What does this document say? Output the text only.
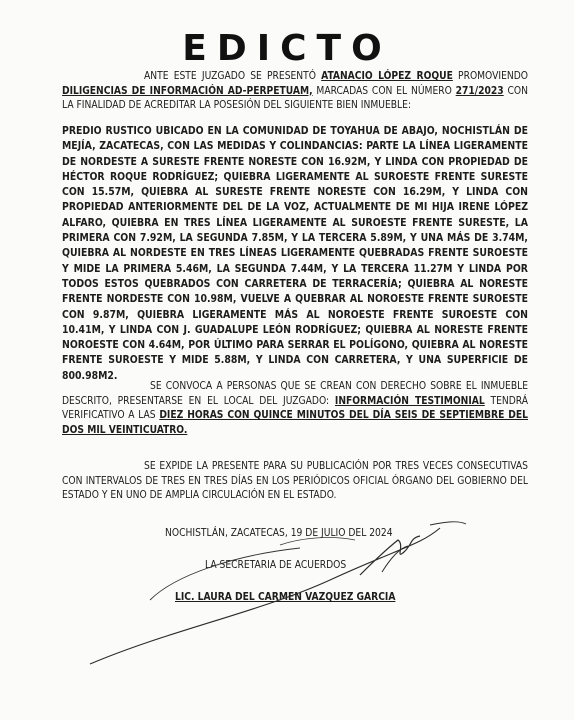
EDICTO
ANTE ESTE JUZGADO SE PRESENTÓ ATANACIO LÓPEZ ROQUE PROMOVIENDO DILIGENCIAS DE INFORMACIÓN AD-PERPETUAM, MARCADAS CON EL NÚMERO 271/2023 CON LA FINALIDAD DE ACREDITAR LA POSESIÓN DEL SIGUIENTE BIEN INMUEBLE:
PREDIO RUSTICO UBICADO EN LA COMUNIDAD DE TOYAHUA DE ABAJO, NOCHISTLÁN DE MEJÍA, ZACATECAS, CON LAS MEDIDAS Y COLINDANCIAS: PARTE LA LÍNEA LIGERAMENTE DE NORDESTE A SURESTE FRENTE NORESTE CON 16.92M, Y LINDA CON PROPIEDAD DE HÉCTOR ROQUE RODRÍGUEZ; QUIEBRA LIGERAMENTE AL SUROESTE FRENTE SURESTE CON 15.57M, QUIEBRA AL SURESTE FRENTE NORESTE CON 16.29M, Y LINDA CON PROPIEDAD ANTERIORMENTE DEL DE LA VOZ, ACTUALMENTE DE MI HIJA IRENE LÓPEZ ALFARO, QUIEBRA EN TRES LÍNEA LIGERAMENTE AL SUROESTE FRENTE SURESTE, LA PRIMERA CON 7.92M, LA SEGUNDA 7.85M, Y LA TERCERA 5.89M, Y UNA MÁS DE 3.74M, QUIEBRA AL NORDESTE EN TRES LÍNEAS LIGERAMENTE QUEBRADAS FRENTE SUROESTE Y MIDE LA PRIMERA 5.46M, LA SEGUNDA 7.44M, Y LA TERCERA 11.27M Y LINDA POR TODOS ESTOS QUEBRADOS CON CARRETERA DE TERRACERÍA; QUIEBRA AL NORESTE FRENTE NORDESTE CON 10.98M, VUELVE A QUEBRAR AL NOROESTE FRENTE SUROESTE CON 9.87M, QUIEBRA LIGERAMENTE MÁS AL NOROESTE FRENTE SUROESTE CON 10.41M, Y LINDA CON J. GUADALUPE LEÓN RODRÍGUEZ; QUIEBRA AL NORESTE FRENTE NOROESTE CON 4.64M, POR ÚLTIMO PARA SERRAR EL POLÍGONO, QUIEBRA AL NORESTE FRENTE SUROESTE Y MIDE 5.88M, Y LINDA CON CARRETERA, Y UNA SUPERFICIE DE 800.98M2.
SE CONVOCA A PERSONAS QUE SE CREAN CON DERECHO SOBRE EL INMUEBLE DESCRITO, PRESENTARSE EN EL LOCAL DEL JUZGADO: INFORMACIÓN TESTIMONIAL TENDRÁ VERIFICATIVO A LAS DIEZ HORAS CON QUINCE MINUTOS DEL DÍA SEIS DE SEPTIEMBRE DEL DOS MIL VEINTICUATRO.
SE EXPIDE LA PRESENTE PARA SU PUBLICACIÓN POR TRES VECES CONSECUTIVAS CON INTERVALOS DE TRES EN TRES DÍAS EN LOS PERIÓDICOS OFICIAL ÓRGANO DEL GOBIERNO DEL ESTADO Y EN UNO DE AMPLIA CIRCULACIÓN EN EL ESTADO.
NOCHISTLÁN, ZACATECAS, 19 DE JULIO DEL 2024
LA SECRETARIA DE ACUERDOS
LIC. LAURA DEL CARMEN VAZQUEZ GARCIA
